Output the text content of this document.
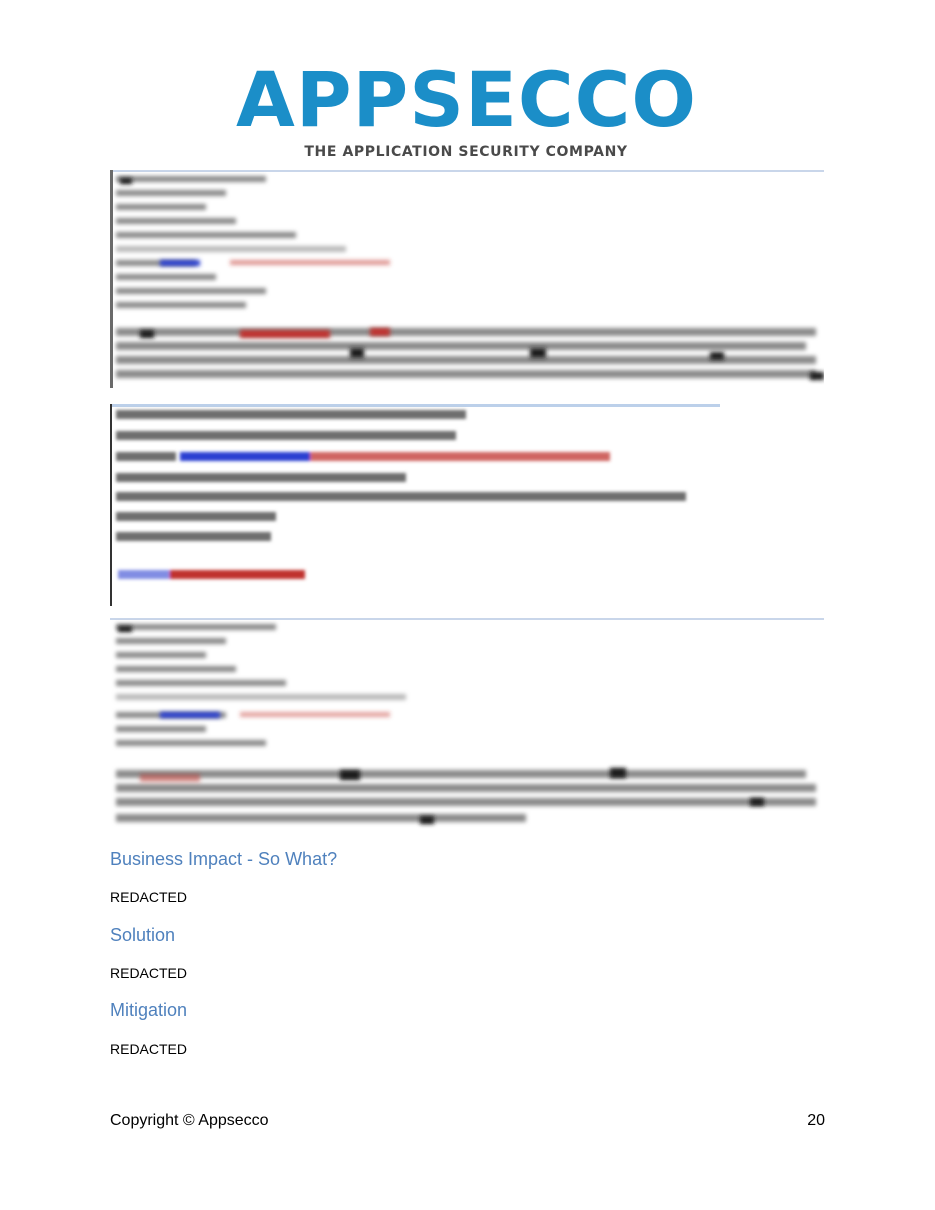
APPSECCO
THE APPLICATION SECURITY COMPANY
Business Impact - So What?
REDACTED
Solution
REDACTED
Mitigation
REDACTED
Copyright © Appsecco	20
